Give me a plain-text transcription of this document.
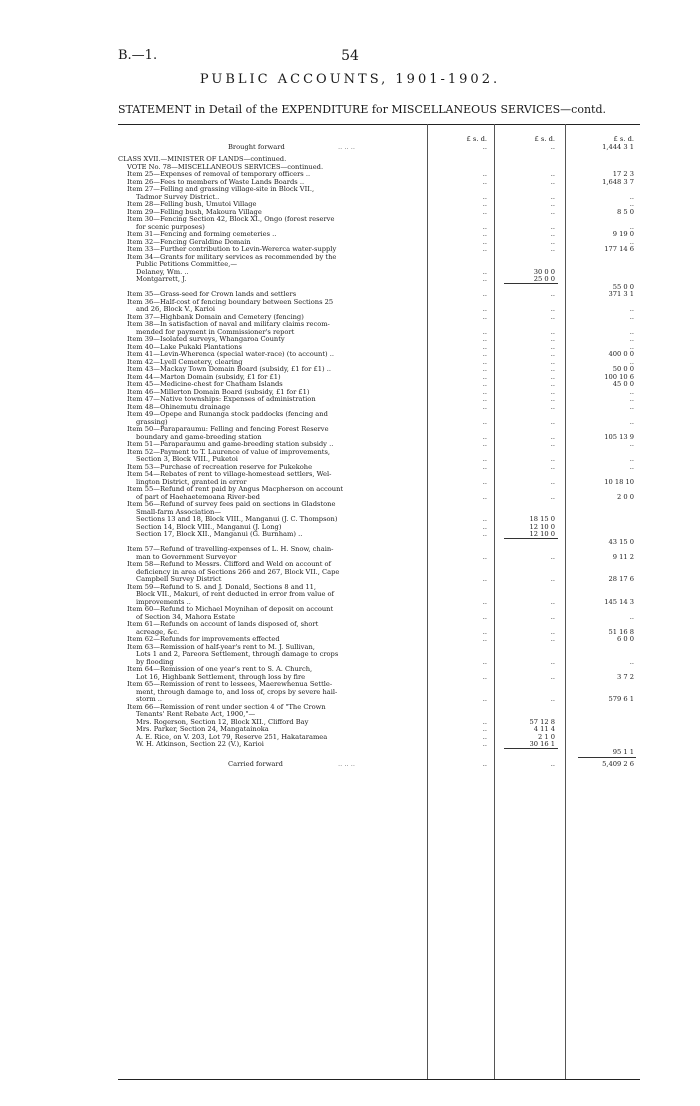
B.—1.	54
PUBLIC ACCOUNTS, 1901-1902.
STATEMENT in Detail of the EXPENDITURE for MISCELLANEOUS SERVICES—contd.
£ s. d.	£ s. d.	£ s. d.
Brought forward	.. .. ..	..	..	1,444 3 1
CLASS XVII.—MINISTER OF LANDS—continued.
VOTE No. 78—MISCELLANEOUS SERVICES—continued.
Item 25—Expenses of removal of temporary officers ..	..	..	17 2 3
Item 26—Fees to members of Waste Lands Boards ..	..	..	1,648 3 7
Item 27—Felling and grassing village-site in Block VII.,
Tadmor Survey District..	..	..	..
Item 28—Felling bush, Umutoi Village	..	..	..
Item 29—Felling bush, Makoura Village	..	..	8 5 0
Item 30—Fencing Section 42, Block XI., Ongo (forest reserve
for scenic purposes)	..	..	..
Item 31—Fencing and forming cemeteries ..	..	..	9 19 0
Item 32—Fencing Geraldine Domain	..	..	..
Item 33—Further contribution to Levin-Wererca water-supply	..	..	177 14 6
Item 34—Grants for military services as recommended by the
Public Petitions Committee,—
Delaney, Wm. ..	..	30 0 0
Montgarrett, J.	..	25 0 0
55 0 0
Item 35—Grass-seed for Crown lands and settlers	..	..	371 3 1
Item 36—Half-cost of fencing boundary between Sections 25
and 26, Block V., Karioi	..	..	..
Item 37—Highbank Domain and Cemetery (fencing)	..	..	..
Item 38—In satisfaction of naval and military claims recom-
mended for payment in Commissioner's report	..	..	..
Item 39—Isolated surveys, Whangaroa County	..	..	..
Item 40—Lake Pukaki Plantations	..	..	..
Item 41—Levin-Wherenca (special water-race) (to account) ..	..	..	400 0 0
Item 42—Lyell Cemetery, clearing	..	..	..
Item 43—Mackay Town Domain Board (subsidy, £1 for £1) ..	..	..	50 0 0
Item 44—Marton Domain (subsidy, £1 for £1)	..	..	100 10 6
Item 45—Medicine-chest for Chatham Islands	..	..	45 0 0
Item 46—Millerton Domain Board (subsidy, £1 for £1)	..	..	..
Item 47—Native townships: Expenses of administration	..	..	..
Item 48—Ohinemutu drainage	..	..	..
Item 49—Opepe and Runanga stock paddocks (fencing and
grassing)	..	..	..
Item 50—Paraparaumu: Felling and fencing Forest Reserve
boundary and game-breeding station	..	..	105 13 9
Item 51—Paraparaumu and game-breeding station subsidy ..	..	..	..
Item 52—Payment to T. Laurence of value of improvements,
Section 3, Block VIII., Puketoi	..	..	..
Item 53—Purchase of recreation reserve for Pukekohe	..	..	..
Item 54—Rebates of rent to village-homestead settlers, Wel-
lington District, granted in error	..	..	10 18 10
Item 55—Refund of rent paid by Angus Macpherson on account
of part of Haehaetemoana River-bed	..	..	2 0 0
Item 56—Refund of survey fees paid on sections in Gladstone
Small-farm Association—
Sections 13 and 18, Block VIII., Manganui (J. C. Thompson)	..	18 15 0
Section 14, Block VIII., Manganui (J. Long)	..	12 10 0
Section 17, Block XII., Manganui (G. Burnham) ..	..	12 10 0
43 15 0
Item 57—Refund of travelling-expenses of L. H. Snow, chain-
man to Government Surveyor	..	..	9 11 2
Item 58—Refund to Messrs. Clifford and Weld on account of
deficiency in area of Sections 266 and 267, Block VII., Cape
Campbell Survey District	..	..	28 17 6
Item 59—Refund to S. and J. Donald, Sections 8 and 11,
Block VII., Makuri, of rent deducted in error from value of
improvements ..	..	..	145 14 3
Item 60—Refund to Michael Moynihan of deposit on account
of Section 34, Mahora Estate	..	..	..
Item 61—Refunds on account of lands disposed of, short
acreage, &c.	..	..	51 16 8
Item 62—Refunds for improvements effected	..	..	6 0 0
Item 63—Remission of half-year's rent to M. J. Sullivan,
Lots 1 and 2, Pareora Settlement, through damage to crops
by flooding	..	..	..
Item 64—Remission of one year's rent to S. A. Church,
Lot 16, Highbank Settlement, through loss by fire	..	..	3 7 2
Item 65—Remission of rent to lessees, Maerewhenua Settle-
ment, through damage to, and loss of, crops by severe hail-
storm ..	..	..	579 6 1
Item 66—Remission of rent under section 4 of "The Crown
Tenants' Rent Rebate Act, 1900,"—
Mrs. Rogerson, Section 12, Block XII., Clifford Bay	..	57 12 8
Mrs. Parker, Section 24, Mangatainoka	..	4 11 4
A. E. Rice, on V. 203, Lot 79, Reserve 251, Hakataramea	..	2 1 0
W. H. Atkinson, Section 22 (V.), Karioi	..	30 16 1
95 1 1
Carried forward	.. .. ..	..	..	5,409 2 6
